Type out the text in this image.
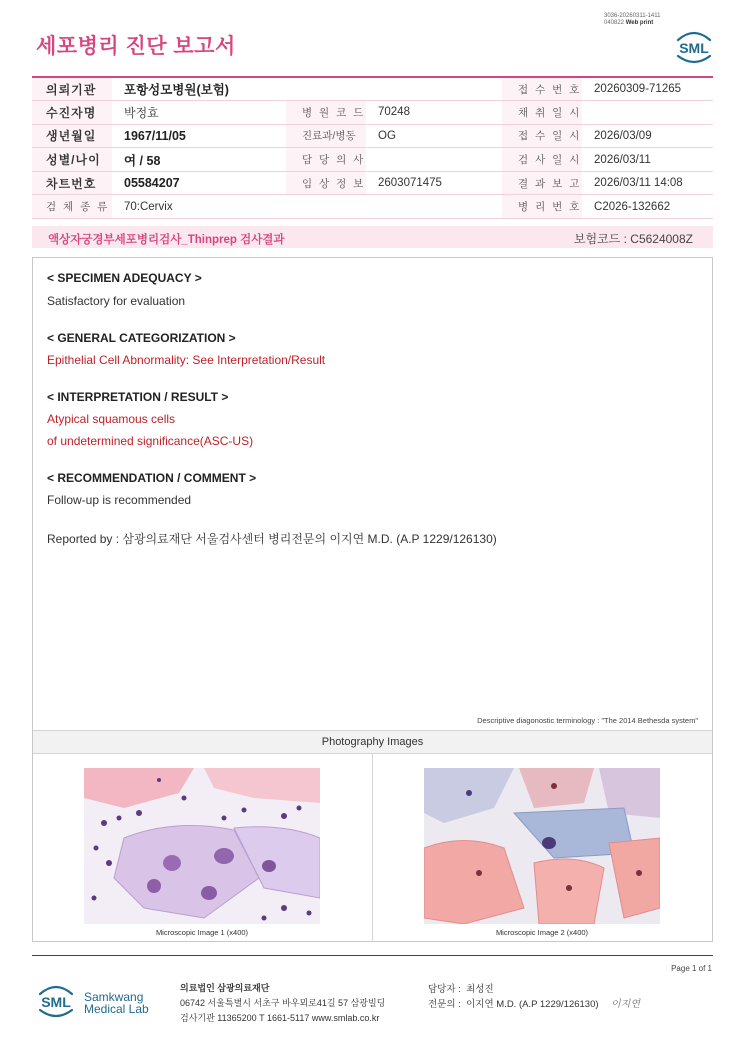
3036-20260311-1411
040822 Web print
세포병리 진단 보고서	SML
의뢰기관	포항성모병원(보험)			접 수 번 호	20260309-71265
수진자명	박정효	병 원 코 드	70248	채 취 일 시	
생년월일	1967/11/05	진료과/병동	OG	접 수 일 시	2026/03/09
성별/나이	여 / 58	담 당 의 사		검 사 일 시	2026/03/11
차트번호	05584207	임 상 정 보	2603071475	결 과 보 고	2026/03/11 14:08
검 체 종 류	70:Cervix			병 리 번 호	C2026-132662
액상자궁경부세포병리검사_Thinprep 검사결과	보험코드 : C5624008Z
< SPECIMEN ADEQUACY >
Satisfactory for evaluation
< GENERAL CATEGORIZATION >
Epithelial Cell Abnormality: See Interpretation/Result
< INTERPRETATION / RESULT >
Atypical squamous cells
of undetermined significance(ASC-US)
< RECOMMENDATION / COMMENT >
Follow-up is recommended
Reported by : 삼광의료재단 서울검사센터 병리전문의 이지연 M.D. (A.P 1229/126130)
Descriptive diagonostic terminology : "The 2014 Bethesda system"
Photography Images
Microscopic Image 1 (x400)	Microscopic Image 2 (x400)
Page 1 of 1
SML Samkwang
Medical Lab
의료법인 삼광의료재단
06742 서울특별시 서초구 바우뫼로41길 57 삼광빌딩
검사기관 11365200 T 1661-5117 www.smlab.co.kr
담당자 : 최성진
전문의 : 이지연 M.D. (A.P 1229/126130) 이지연
